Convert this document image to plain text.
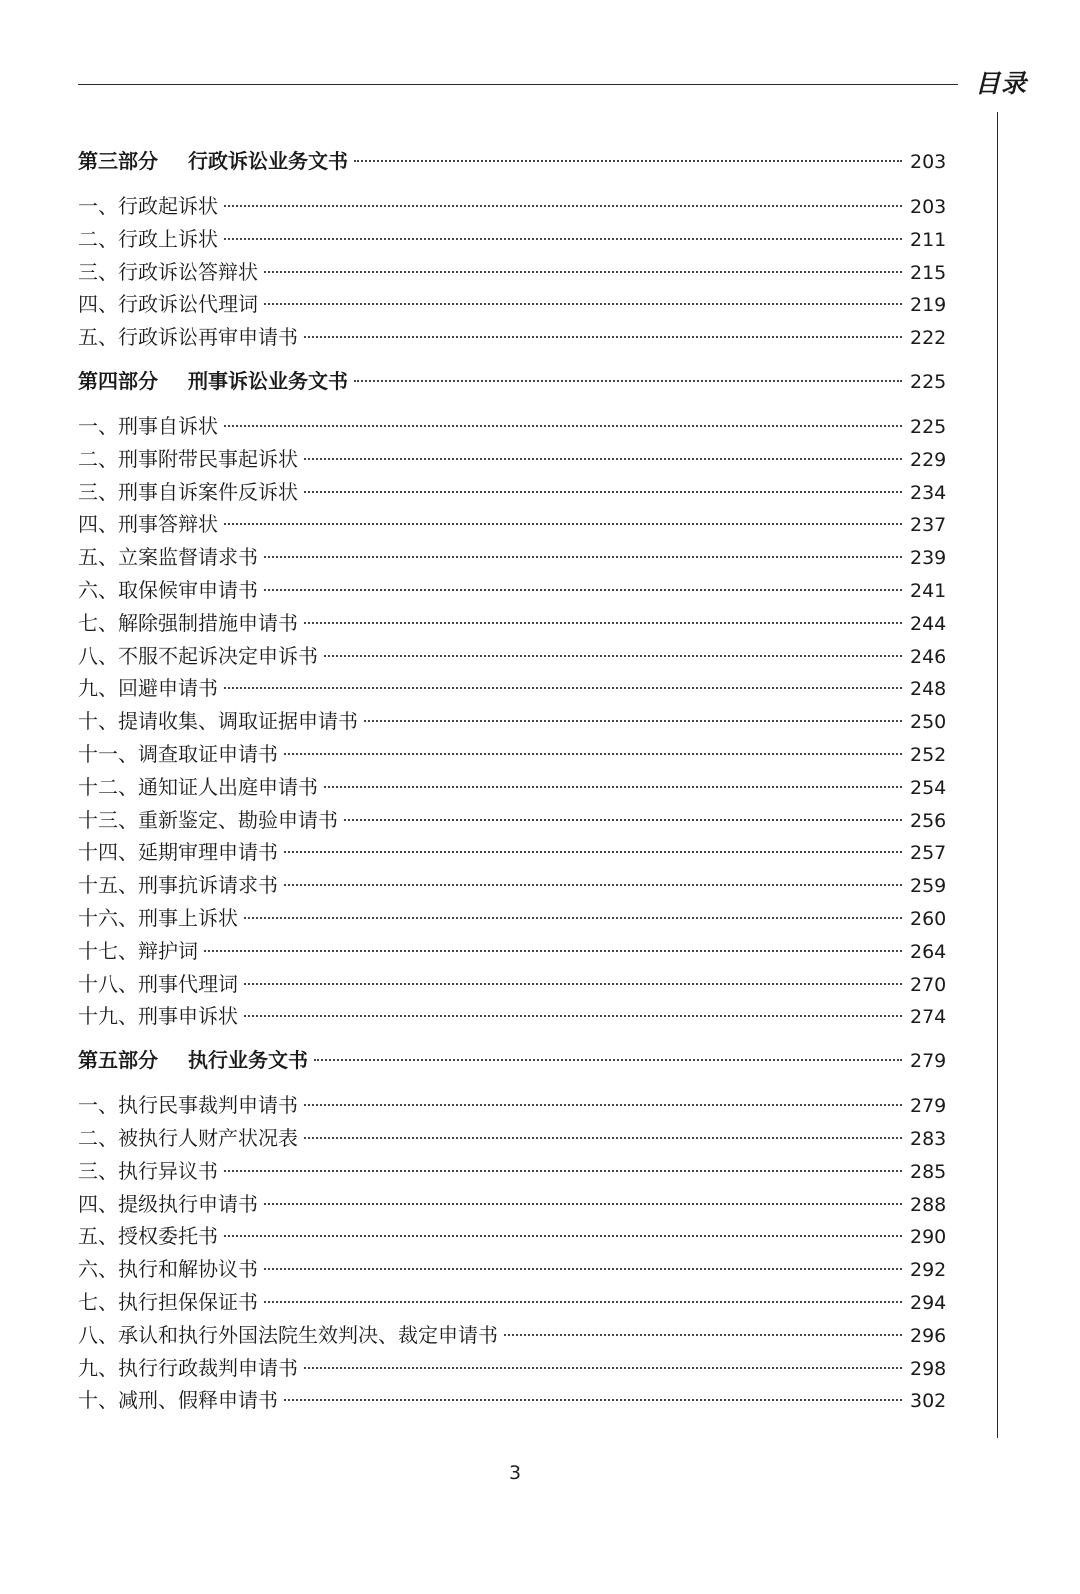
目录
第三部分 行政诉讼业务文书	203
一、行政起诉状	203
二、行政上诉状	211
三、行政诉讼答辩状	215
四、行政诉讼代理词	219
五、行政诉讼再审申请书	222
第四部分 刑事诉讼业务文书	225
一、刑事自诉状	225
二、刑事附带民事起诉状	229
三、刑事自诉案件反诉状	234
四、刑事答辩状	237
五、立案监督请求书	239
六、取保候审申请书	241
七、解除强制措施申请书	244
八、不服不起诉决定申诉书	246
九、回避申请书	248
十、提请收集、调取证据申请书	250
十一、调查取证申请书	252
十二、通知证人出庭申请书	254
十三、重新鉴定、勘验申请书	256
十四、延期审理申请书	257
十五、刑事抗诉请求书	259
十六、刑事上诉状	260
十七、辩护词	264
十八、刑事代理词	270
十九、刑事申诉状	274
第五部分 执行业务文书	279
一、执行民事裁判申请书	279
二、被执行人财产状况表	283
三、执行异议书	285
四、提级执行申请书	288
五、授权委托书	290
六、执行和解协议书	292
七、执行担保保证书	294
八、承认和执行外国法院生效判决、裁定申请书	296
九、执行行政裁判申请书	298
十、减刑、假释申请书	302
3
